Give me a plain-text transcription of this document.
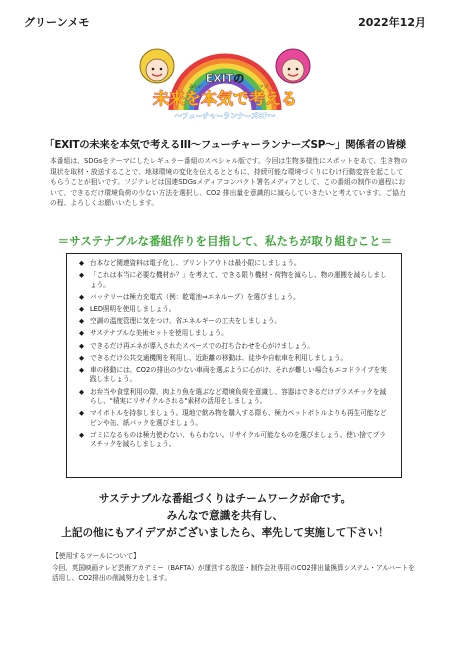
グリーンメモ	2022年12月
EXITの
マジ
みらい
未来を本気で考える
〜フューチャーランナーズSP〜
「EXITの未来を本気で考えるIII〜フューチャーランナーズSP〜」関係者の皆様

本番組は、SDGsをテーマにしたレギュラー番組のスペシャル版です。今回は生物多様性にスポットをあて、生き物の現状を取材・放送することで、地球環境の変化を伝えるとともに、持続可能な環境づくりにむけ行動変容を起こしてもらうことが狙いです。フジテレビは国連SDGsメディアコンパクト署名メディアとして、この番組の制作の過程において、できるだけ環境負荷の少ない方法を選択し、CO2 排出量を意識的に減らしていきたいと考えています。ご協力の程、よろしくお願いいたします。

＝サステナブルな番組作りを目指して、私たちが取り組むこと＝
◆ 台本など関連資料は電子化し、プリントアウトは最小限にしましょう。
◆ 「これは本当に必要な機材か？」を考えて、できる限り機材・荷物を減らし、物の運搬を減らしましょう。
◆ バッテリーは極力充電式（例：乾電池⇒エネループ）を選びましょう。
◆ LED照明を使用しましょう。
◆ 空調の温度管理に気をつけ、省エネルギーの工夫をしましょう。
◆ サステナブルな美術セットを使用しましょう。
◆ できるだけ再エネが導入されたスペースでの打ち合わせを心がけましょう。
◆ できるだけ公共交通機関を利用し、近距離の移動は、徒歩や自転車を利用しましょう。
◆ 車の移動には、CO2の排出の少ない車両を選ぶように心がけ、それが難しい場合もエコドライブを実践しましょう。
◆ お弁当や食堂利用の際、肉より魚を選ぶなど環境負荷を意識し、容器はできるだけプラスチックを減らし、"積実にリサイクルされる"素材の活用をしましょう。
◆ マイボトルを持参しましょう。現地で飲み物を購入する際も、極力ペットボトルよりも再生可能などビンや缶、紙パックを選びましょう。
◆ ゴミになるものは極力使わない、もらわない。リサイクル可能なものを選びましょう。使い捨てプラスチックを減らしましょう。
サステナブルな番組づくりはチームワークが命です。
みんなで意識を共有し、
上記の他にもアイデアがございましたら、率先して実施して下さい！
【使用するツールについて】

今回、英国映画テレビ芸術アカデミー（BAFTA）が運営する放送・制作会社専用のCO2排出量換算システム・アルバートを活用し、CO2排出の削減努力をします。
